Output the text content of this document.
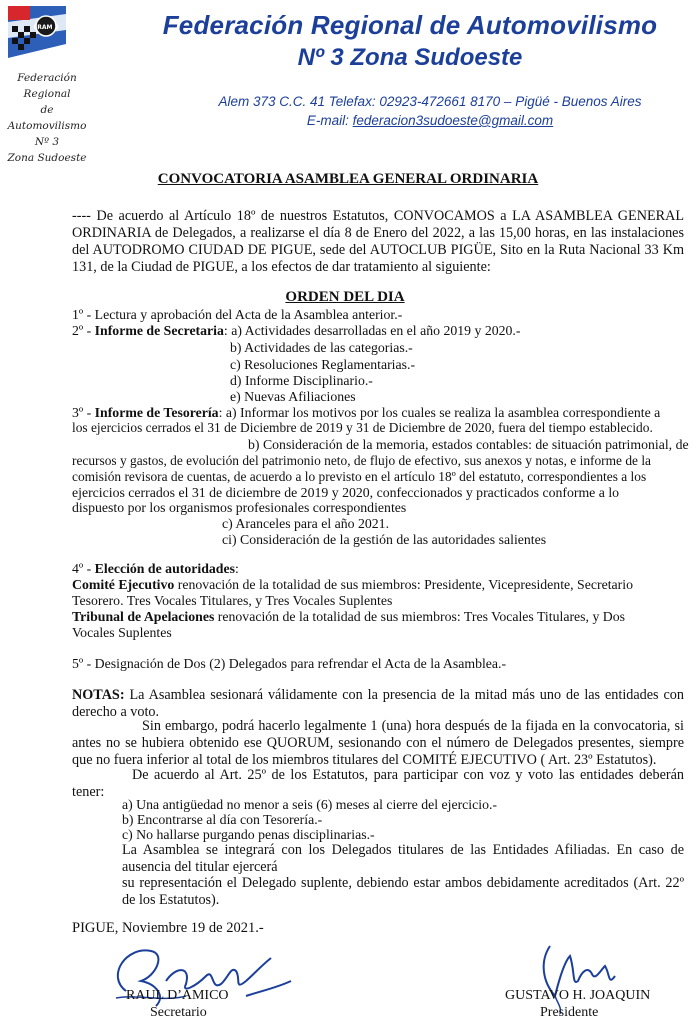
FRAM 3
Federación Regional
de Automovilismo
Nº 3
Zona Sudoeste
Federación Regional de Automovilismo
Nº 3 Zona Sudoeste
Alem 373 C.C. 41 Telefax: 02923-472661 8170 – Pigüé - Buenos Aires
E-mail: federacion3sudoeste@gmail.com
CONVOCATORIA ASAMBLEA GENERAL ORDINARIA
---- De acuerdo al Artículo 18º de nuestros Estatutos, CONVOCAMOS a LA ASAMBLEA GENERAL ORDINARIA de Delegados, a realizarse el día 8 de Enero del 2022, a las 15,00 horas, en las instalaciones del AUTODROMO CIUDAD DE PIGUE, sede del AUTOCLUB PIGÜE, Sito en la Ruta Nacional 33 Km 131, de la Ciudad de PIGUE, a los efectos de dar tratamiento al siguiente:
ORDEN DEL DIA
1º - Lectura y aprobación del Acta de la Asamblea anterior.-
2º - Informe de Secretaria: a) Actividades desarrolladas en el año 2019 y 2020.-
b) Actividades de las categorias.-
c) Resoluciones Reglamentarias.-
d) Informe Disciplinario.-
e) Nuevas Afiliaciones
3º - Informe de Tesorería: a) Informar los motivos por los cuales se realiza la asamblea correspondiente a
los ejercicios cerrados el 31 de Diciembre de 2019 y 31 de Diciembre de 2020, fuera del tiempo establecido.
b) Consideración de la memoria, estados contables: de situación patrimonial, de
recursos y gastos, de evolución del patrimonio neto, de flujo de efectivo, sus anexos y notas, e informe de la
comisión revisora de cuentas, de acuerdo a lo previsto en el artículo 18º del estatuto, correspondientes a los
ejercicios cerrados el 31 de diciembre de 2019 y 2020, confeccionados y practicados conforme a lo
dispuesto por los organismos profesionales correspondientes
c) Aranceles para el año 2021.
ci) Consideración de la gestión de las autoridades salientes
4º - Elección de autoridades:
Comité Ejecutivo renovación de la totalidad de sus miembros: Presidente, Vicepresidente, Secretario
Tesorero. Tres Vocales Titulares, y Tres Vocales Suplentes
Tribunal de Apelaciones renovación de la totalidad de sus miembros: Tres Vocales Titulares, y Dos
Vocales Suplentes
5º - Designación de Dos (2) Delegados para refrendar el Acta de la Asamblea.-
NOTAS: La Asamblea sesionará válidamente con la presencia de la mitad más uno de las entidades con derecho a voto.
Sin embargo, podrá hacerlo legalmente 1 (una) hora después de la fijada en la convocatoria, si antes no se hubiera obtenido ese QUORUM, sesionando con el número de Delegados presentes, siempre que no fuera inferior al total de los miembros titulares del COMITÉ EJECUTIVO ( Art. 23º Estatutos).
De acuerdo al Art. 25º de los Estatutos, para participar con voz y voto las entidades deberán tener:
a) Una antigüedad no menor a seis (6) meses al cierre del ejercicio.-
b) Encontrarse al día con Tesorería.-
c) No hallarse purgando penas disciplinarias.-
La Asamblea se integrará con los Delegados titulares de las Entidades Afiliadas. En caso de ausencia del titular ejercerá
su representación el Delegado suplente, debiendo estar ambos debidamente acreditados (Art. 22º de los Estatutos).
PIGUE, Noviembre 19 de 2021.-
RAUL D’AMICO
Secretario
GUSTAVO H. JOAQUIN
Presidente
